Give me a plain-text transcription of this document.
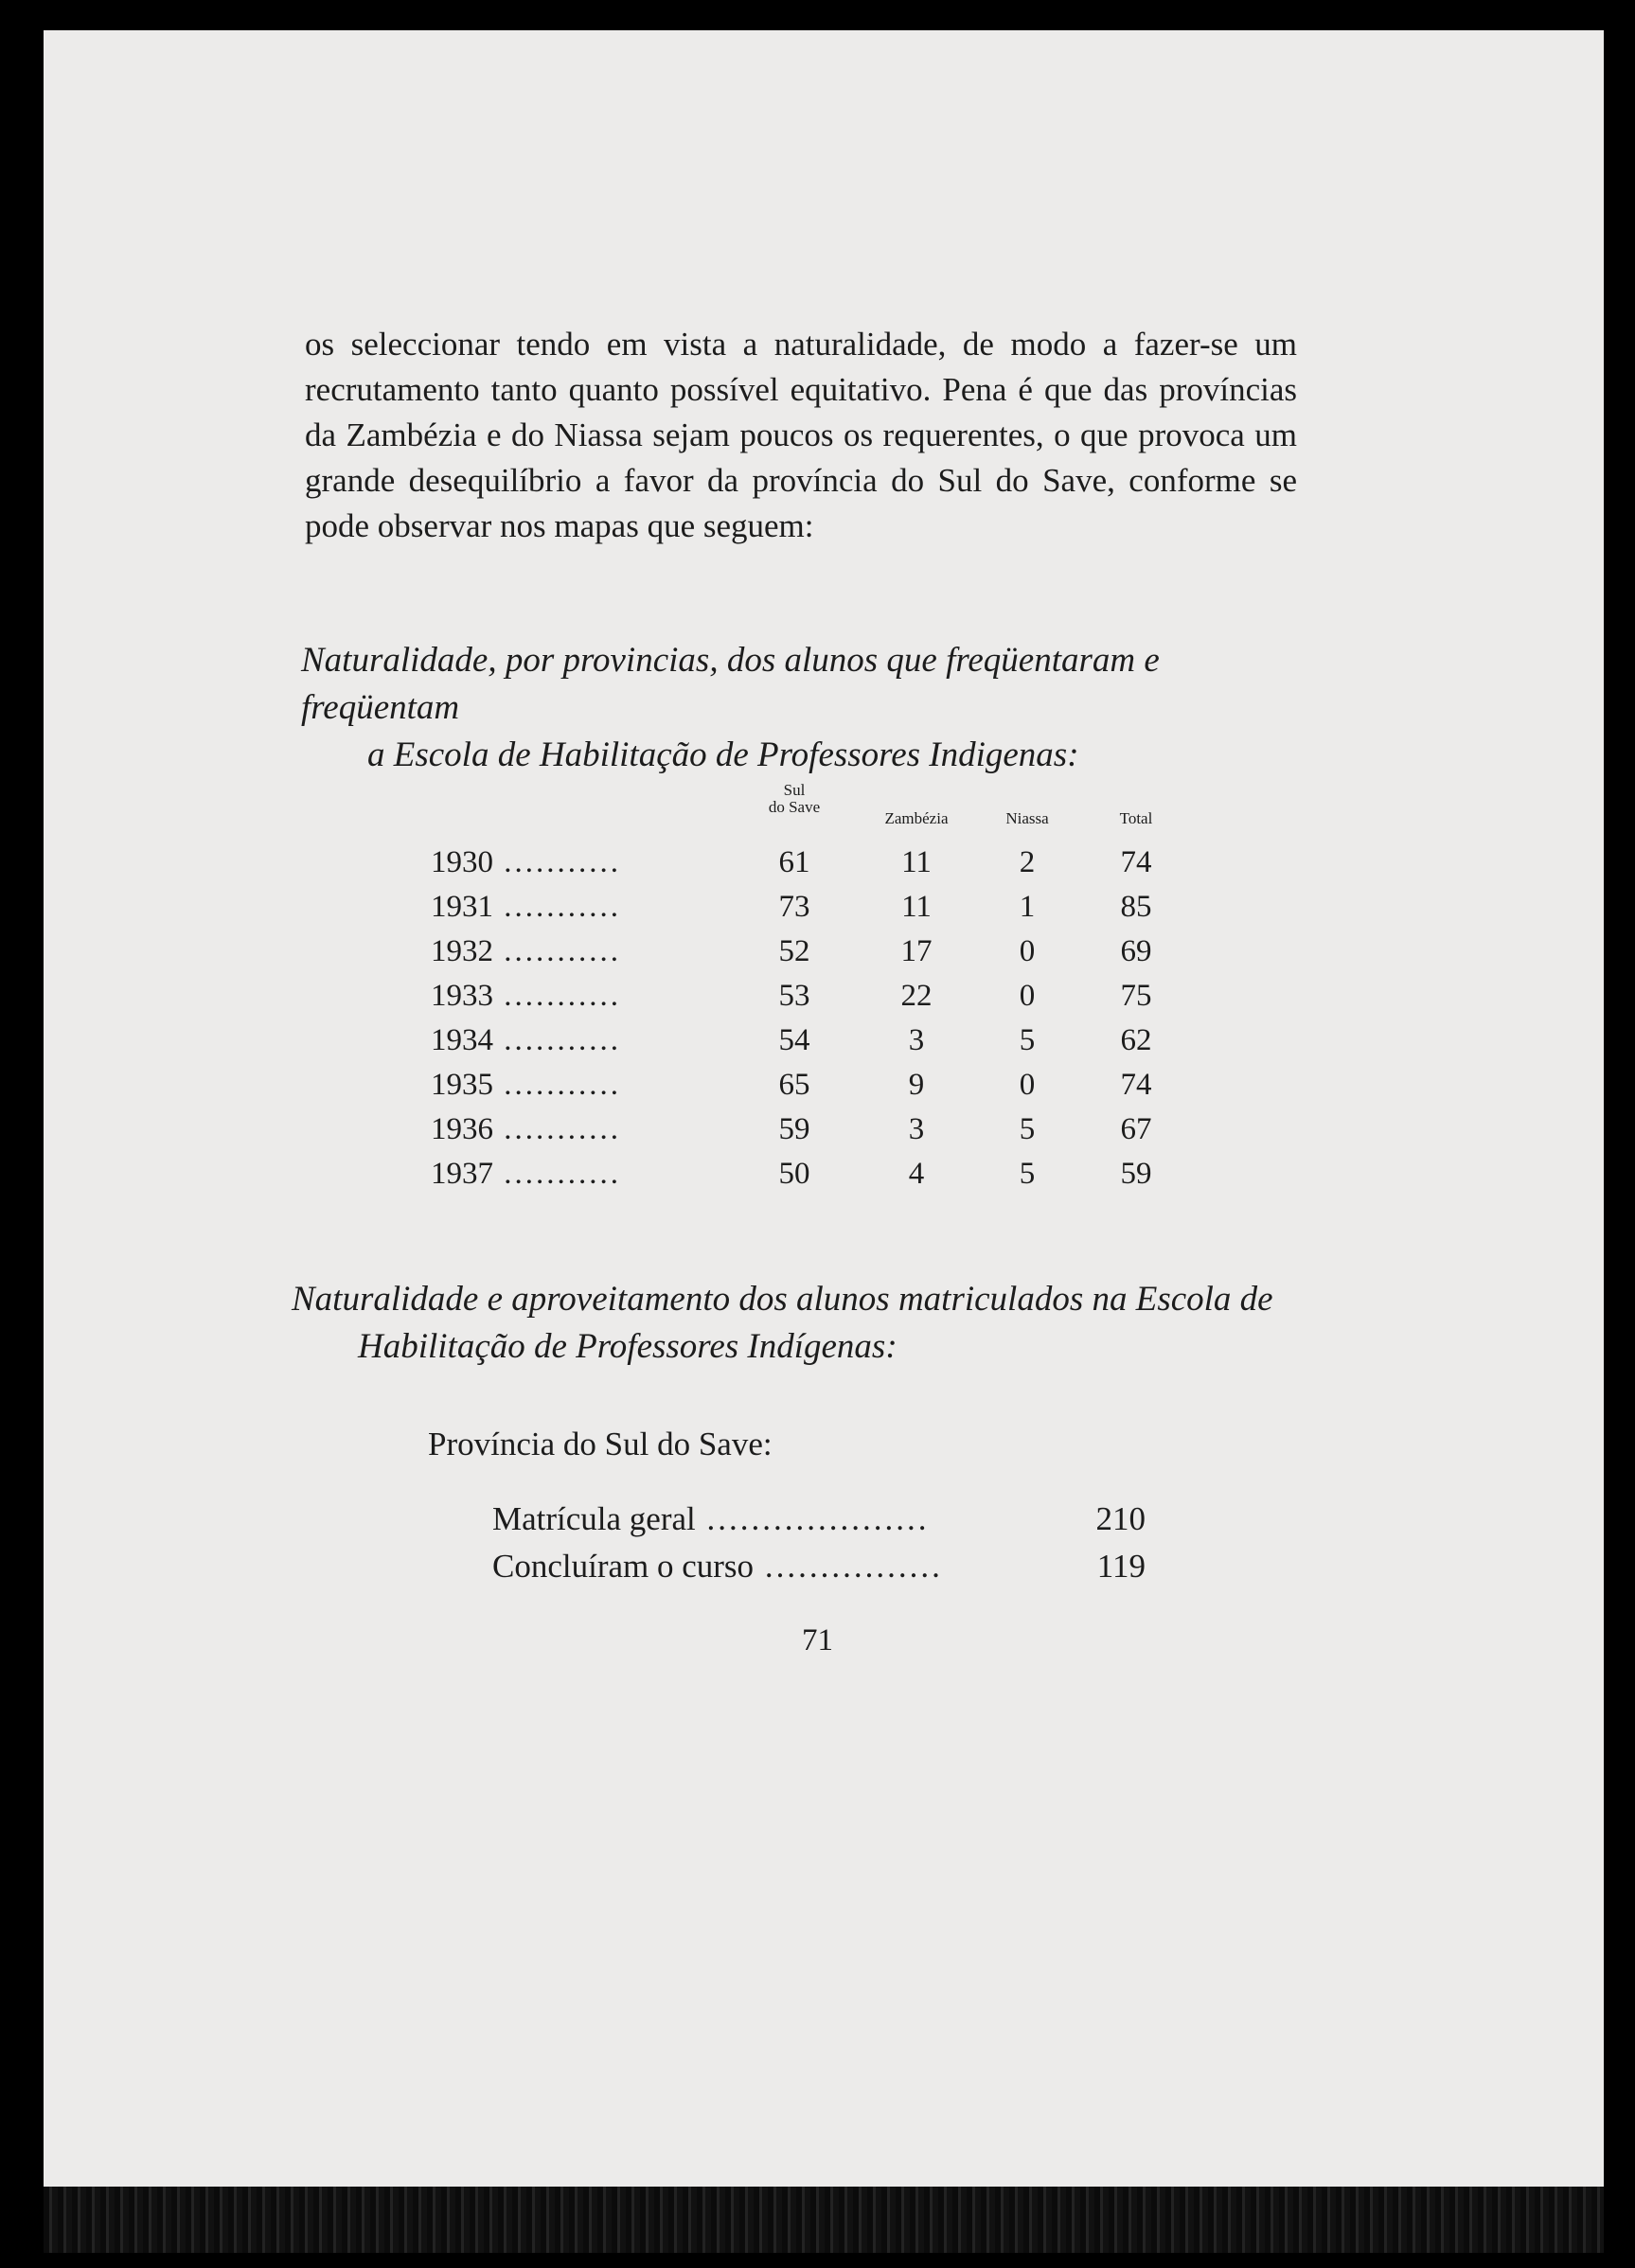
os seleccionar tendo em vista a naturalidade, de modo a fazer-se um recrutamento tanto quanto possível equitativo. Pena é que das províncias da Zambézia e do Niassa sejam poucos os requerentes, o que provoca um grande desequilíbrio a favor da província do Sul do Save, conforme se pode observar nos mapas que seguem:

Naturalidade, por provincias, dos alunos que freqüentaram e freqüentam
a Escola de Habilitação de Professores Indigenas:

Sul
do Save
Zambézia	Niassa	Total
1930 ...........	61	11	2	74
1931 ...........	73	11	1	85
1932 ...........	52	17	0	69
1933 ...........	53	22	0	75
1934 ...........	54	3	5	62
1935 ...........	65	9	0	74
1936 ...........	59	3	5	67
1937 ...........	50	4	5	59

Naturalidade e aproveitamento dos alunos matriculados na Escola de
Habilitação de Professores Indígenas:

Província do Sul do Save:
Matrícula geral ....................	210
Concluíram o curso ................	119
71
